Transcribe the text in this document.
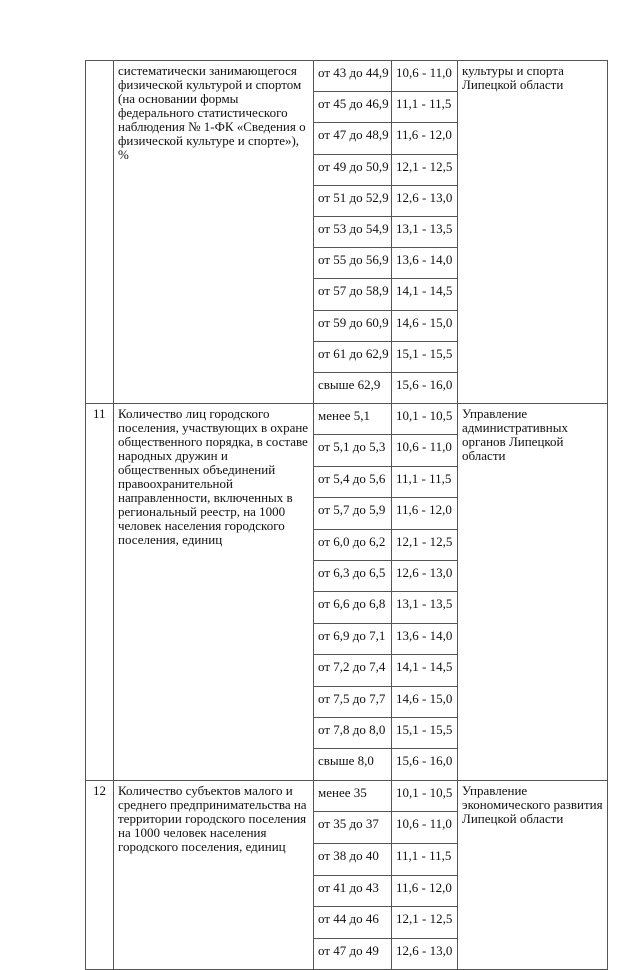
	систематически занимающегося физической культурой и спортом (на основании формы федерального статистического наблюдения № 1-ФК «Сведения о физической культуре и спорте»), %	от 43 до 44,9	10,6 - 11,0	культуры и спорта Липецкой области
		от 45 до 46,9	11,1 - 11,5	
		от 47 до 48,9	11,6 - 12,0	
		от 49 до 50,9	12,1 - 12,5	
		от 51 до 52,9	12,6 - 13,0	
		от 53 до 54,9	13,1 - 13,5	
		от 55 до 56,9	13,6 - 14,0	
		от 57 до 58,9	14,1 - 14,5	
		от 59 до 60,9	14,6 - 15,0	
		от 61 до 62,9	15,1 - 15,5	
		свыше 62,9	15,6 - 16,0	
11	Количество лиц городского поселения, участвующих в охране общественного порядка, в составе народных дружин и общественных объединений правоохранительной направленности, включенных в региональный реестр, на 1000 человек населения городского поселения, единиц	менее 5,1	10,1 - 10,5	Управление административных органов Липецкой области
		от 5,1 до 5,3	10,6 - 11,0	
		от 5,4 до 5,6	11,1 - 11,5	
		от 5,7 до 5,9	11,6 - 12,0	
		от 6,0 до 6,2	12,1 - 12,5	
		от 6,3 до 6,5	12,6 - 13,0	
		от 6,6 до 6,8	13,1 - 13,5	
		от 6,9 до 7,1	13,6 - 14,0	
		от 7,2 до 7,4	14,1 - 14,5	
		от 7,5 до 7,7	14,6 - 15,0	
		от 7,8 до 8,0	15,1 - 15,5	
		свыше 8,0	15,6 - 16,0	
12	Количество субъектов малого и среднего предпринимательства на территории городского поселения на 1000 человек населения городского поселения, единиц	менее 35	10,1 - 10,5	Управление экономического развития Липецкой области
		от 35 до 37	10,6 - 11,0	
		от 38 до 40	11,1 - 11,5	
		от 41 до 43	11,6 - 12,0	
		от 44 до 46	12,1 - 12,5	
		от 47 до 49	12,6 - 13,0	
